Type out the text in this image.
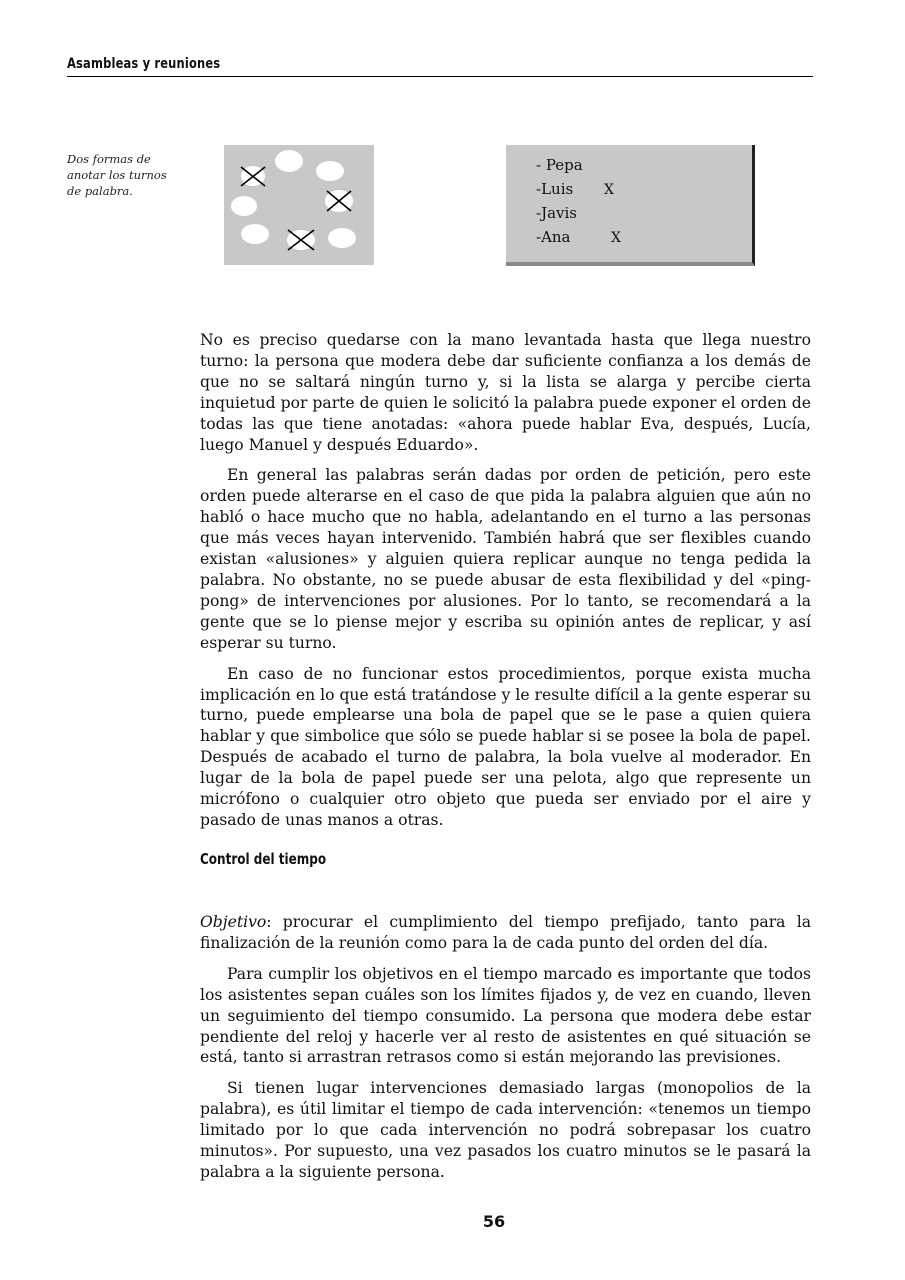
Asambleas y reuniones
Dos formas de anotar los turnos de palabra.
- Pepa
-Luis X
-Javis
-Ana	X

No es preciso quedarse con la mano levantada hasta que llega nuestro turno: la persona que modera debe dar suficiente confianza a los demás de que no se saltará ningún turno y, si la lista se alarga y percibe cierta inquietud por parte de quien le solicitó la palabra puede exponer el orden de todas las que tiene anotadas: «ahora puede hablar Eva, después, Lucía, luego Manuel y después Eduardo».

En general las palabras serán dadas por orden de petición, pero este orden puede alterarse en el caso de que pida la palabra alguien que aún no habló o hace mucho que no habla, adelantando en el turno a las personas que más veces hayan intervenido. También habrá que ser flexibles cuando existan «alusiones» y alguien quiera replicar aunque no tenga pedida la palabra. No obstante, no se puede abusar de esta flexibilidad y del «ping-pong» de intervenciones por alusiones. Por lo tanto, se recomendará a la gente que se lo piense mejor y escriba su opinión antes de replicar, y así esperar su turno.

En caso de no funcionar estos procedimientos, porque exista mucha implicación en lo que está tratándose y le resulte difícil a la gente esperar su turno, puede emplearse una bola de papel que se le pase a quien quiera hablar y que simbolice que sólo se puede hablar si se posee la bola de papel. Después de acabado el turno de palabra, la bola vuelve al moderador. En lugar de la bola de papel puede ser una pelota, algo que represente un micrófono o cualquier otro objeto que pueda ser enviado por el aire y pasado de unas manos a otras.

Control del tiempo

Objetivo: procurar el cumplimiento del tiempo prefijado, tanto para la finalización de la reunión como para la de cada punto del orden del día.

Para cumplir los objetivos en el tiempo marcado es importante que todos los asistentes sepan cuáles son los límites fijados y, de vez en cuando, lleven un seguimiento del tiempo consumido. La persona que modera debe estar pendiente del reloj y hacerle ver al resto de asistentes en qué situación se está, tanto si arrastran retrasos como si están mejorando las previsiones.

Si tienen lugar intervenciones demasiado largas (monopolios de la palabra), es útil limitar el tiempo de cada intervención: «tenemos un tiempo limitado por lo que cada intervención no podrá sobrepasar los cuatro minutos». Por supuesto, una vez pasados los cuatro minutos se le pasará la palabra a la siguiente persona.

56
